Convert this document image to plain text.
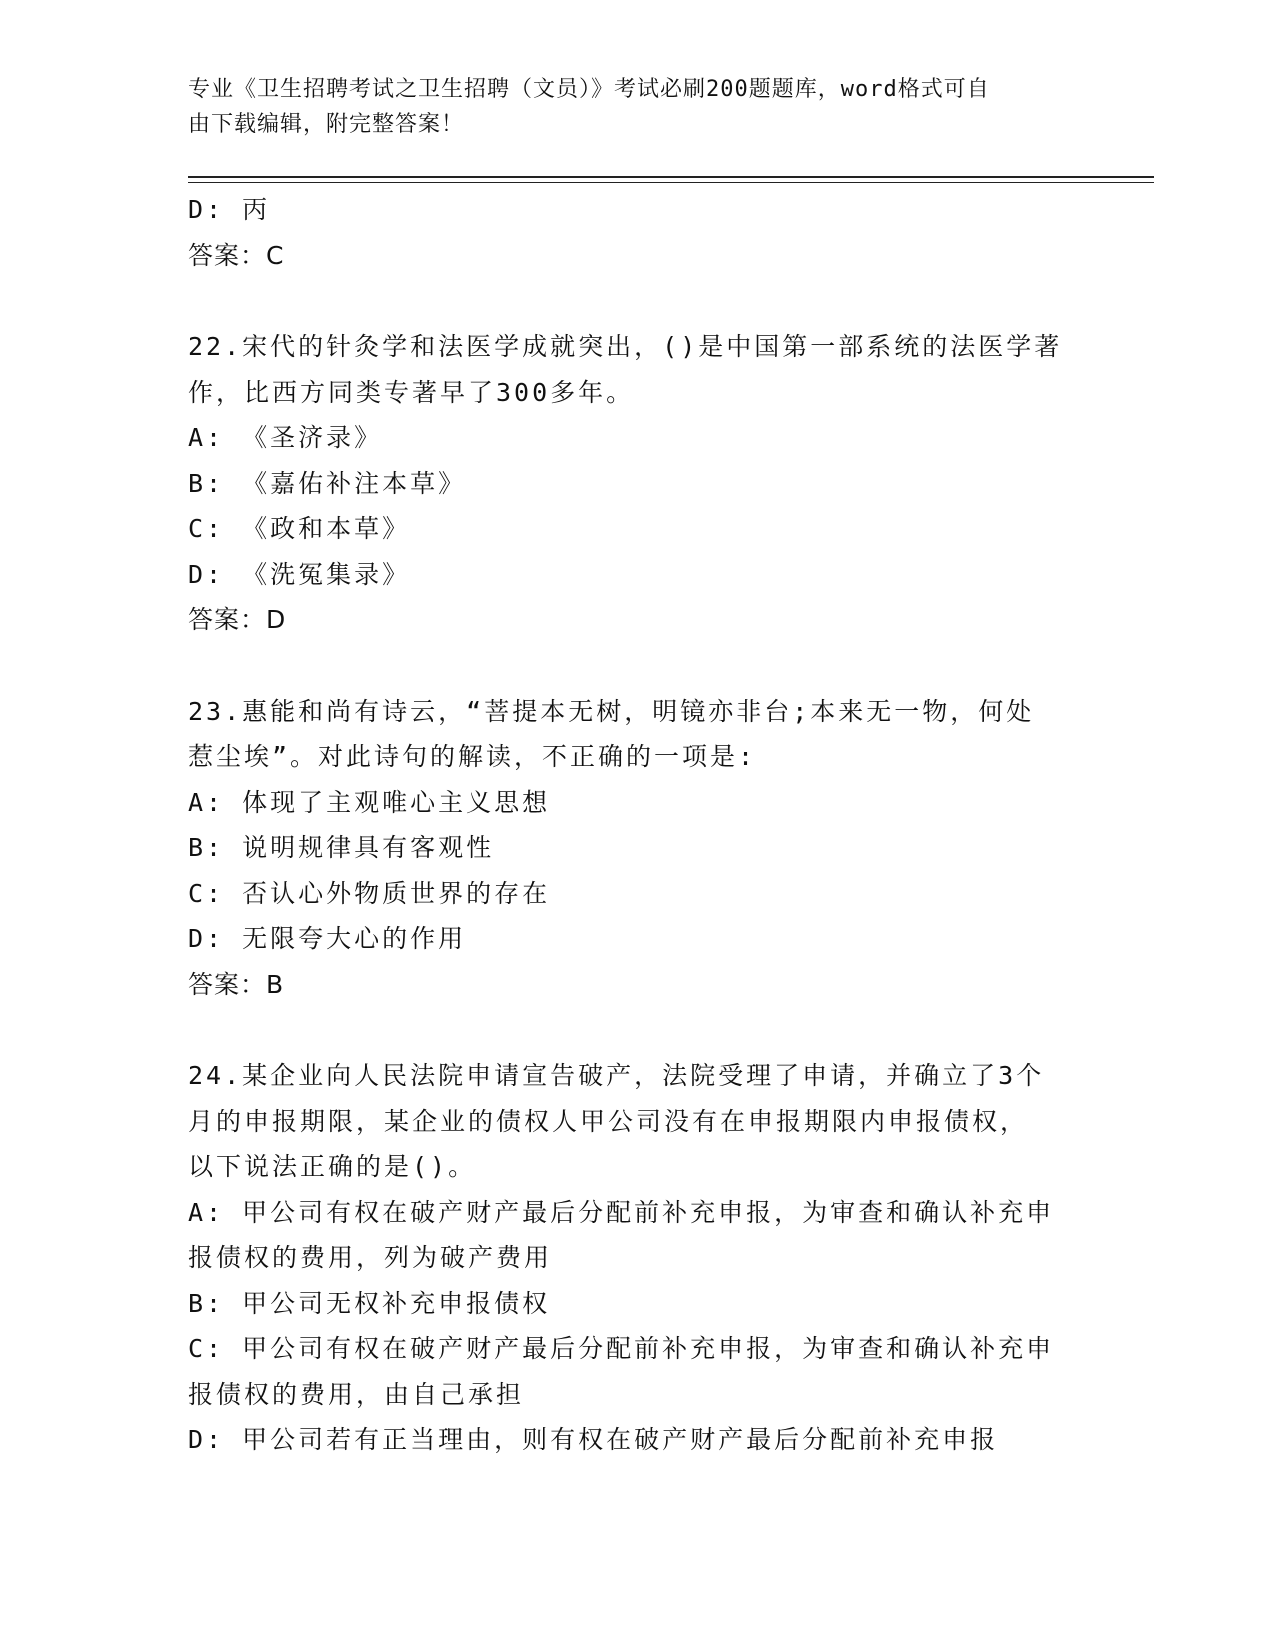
专业《卫生招聘考试之卫生招聘（文员）》考试必刷200题题库，word格式可自
由下载编辑，附完整答案！
D: 丙
答案：C
22.宋代的针灸学和法医学成就突出，()是中国第一部系统的法医学著
作，比西方同类专著早了300多年。
A: 《圣济录》
B: 《嘉佑补注本草》
C: 《政和本草》
D: 《洗冤集录》
答案：D
23.惠能和尚有诗云，“菩提本无树，明镜亦非台;本来无一物，何处
惹尘埃”。对此诗句的解读，不正确的一项是:
A: 体现了主观唯心主义思想
B: 说明规律具有客观性
C: 否认心外物质世界的存在
D: 无限夸大心的作用
答案：B
24.某企业向人民法院申请宣告破产，法院受理了申请，并确立了3个
月的申报期限，某企业的债权人甲公司没有在申报期限内申报债权，
以下说法正确的是()。
A: 甲公司有权在破产财产最后分配前补充申报，为审查和确认补充申
报债权的费用，列为破产费用
B: 甲公司无权补充申报债权
C: 甲公司有权在破产财产最后分配前补充申报，为审查和确认补充申
报债权的费用，由自己承担
D: 甲公司若有正当理由，则有权在破产财产最后分配前补充申报
